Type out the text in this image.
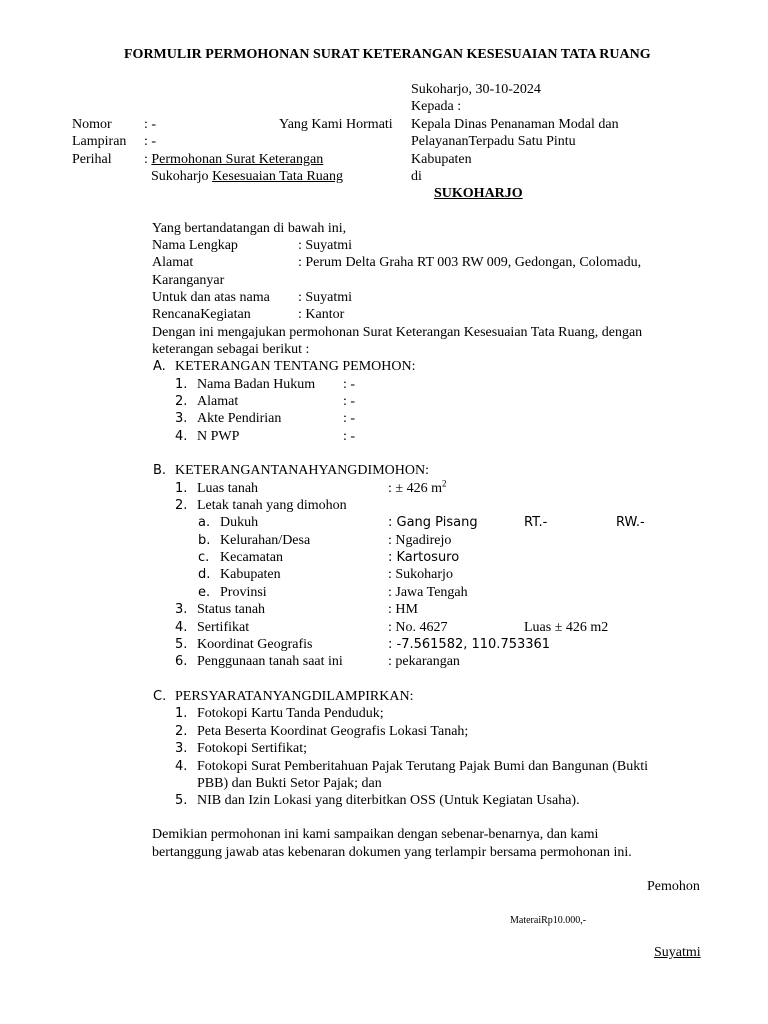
FORMULIR PERMOHONAN SURAT KETERANGAN KESESUAIAN TATA RUANG
Sukoharjo, 30-10-2024
Kepada :
Yang Kami Hormati Kepala Dinas Penanaman Modal dan
PelayananTerpadu Satu Pintu
Kabupaten
di
SUKOHARJO
Nomor : -
Lampiran : -
Perihal : Permohonan Surat Keterangan
Sukoharjo Kesesuaian Tata Ruang
Yang bertandatangan di bawah ini,
Nama Lengkap	: Suyatmi
Alamat	: Perum Delta Graha RT 003 RW 009, Gedongan, Colomadu,
Karanganyar
Untuk dan atas nama : Suyatmi
RencanaKegiatan	: Kantor
Dengan ini mengajukan permohonan Surat Keterangan Kesesuaian Tata Ruang, dengan
keterangan sebagai berikut :
A. KETERANGAN TENTANG PEMOHON:
1. Nama Badan Hukum : -
2. Alamat	: -
3. Akte Pendirian	: -
4. N PWP	: -
B. KETERANGANTANAHYANGDIMOHON:
1. Luas tanah	: ± 426 $m^2$
2. Letak tanah yang dimohon
a. Dukuh	: Gang Pisang	RT.-	RW.-
b. Kelurahan/Desa	: Ngadirejo
c. Kecamatan	: Kartosuro
d. Kabupaten	: Sukoharjo
e. Provinsi	: Jawa Tengah
3. Status tanah	: HM
4. Sertifikat	: No. 4627	Luas ± 426 m2
5. Koordinat Geografis	: -7.561582, 110.753361
6. Penggunaan tanah saat ini	: pekarangan
C. PERSYARATANYANGDILAMPIRKAN:
1. Fotokopi Kartu Tanda Penduduk;
2. Peta Beserta Koordinat Geografis Lokasi Tanah;
3. Fotokopi Sertifikat;
4. Fotokopi Surat Pemberitahuan Pajak Terutang Pajak Bumi dan Bangunan (Bukti
PBB) dan Bukti Setor Pajak; dan
5. NIB dan Izin Lokasi yang diterbitkan OSS (Untuk Kegiatan Usaha).
Demikian permohonan ini kami sampaikan dengan sebenar-benarnya, dan kami
bertanggung jawab atas kebenaran dokumen yang terlampir bersama permohonan ini.
Pemohon
MateraiRp10.000,-
Suyatmi
